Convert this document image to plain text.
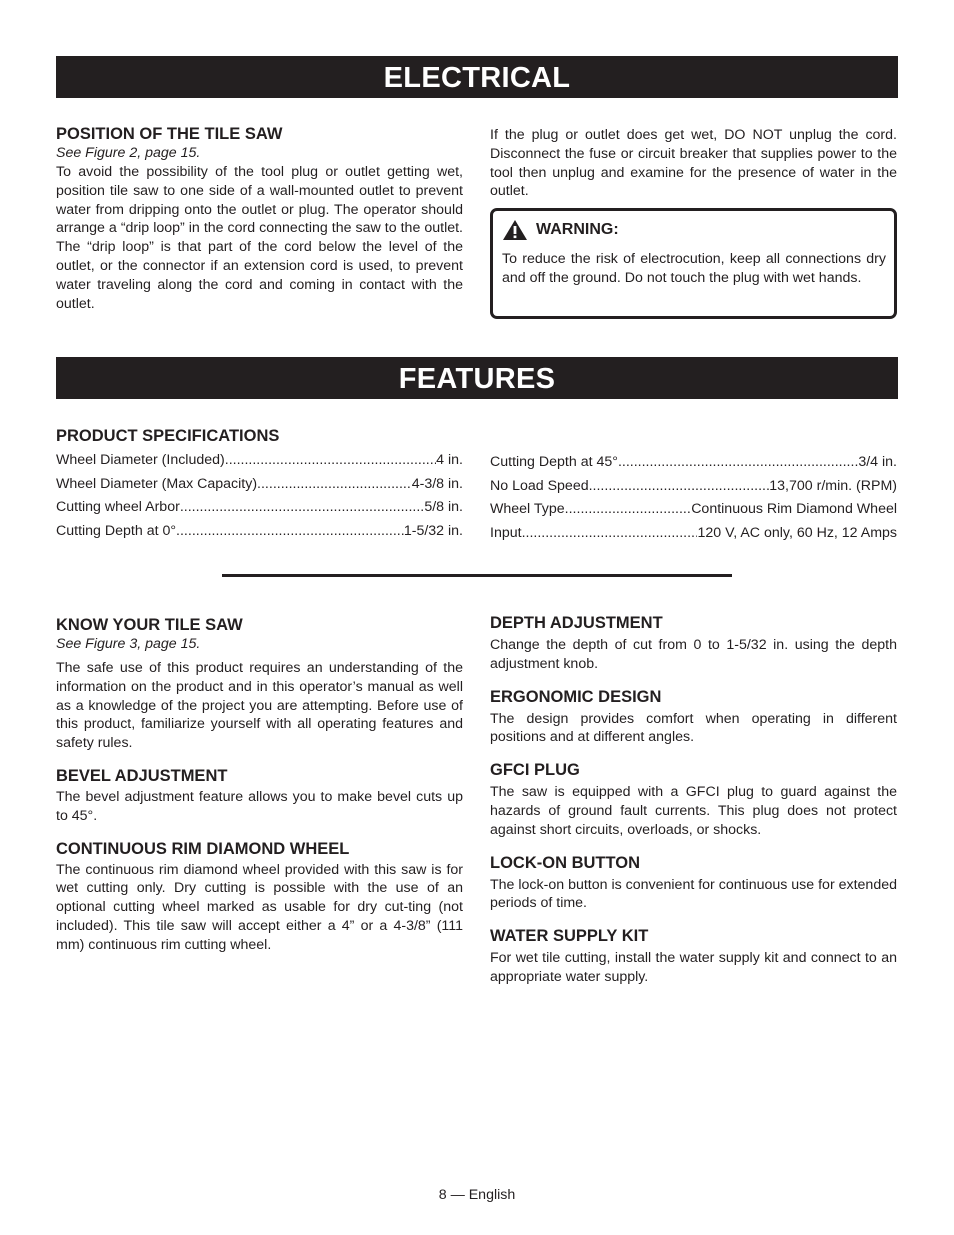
ELECTRICAL

POSITION OF THE TILE SAW

See Figure 2, page 15.

To avoid the possibility of the tool plug or outlet getting wet, position tile saw to one side of a wall-mounted outlet to prevent water from dripping onto the outlet or plug. The operator should arrange a “drip loop” in the cord connecting the saw to the outlet. The “drip loop” is that part of the cord below the level of the outlet, or the connector if an extension cord is used, to prevent water traveling along the cord and coming in contact with the outlet.

If the plug or outlet does get wet, DO NOT unplug the cord. Disconnect the fuse or circuit breaker that supplies power to the tool then unplug and examine for the presence of water in the outlet.

WARNING:

To reduce the risk of electrocution, keep all connections dry and off the ground. Do not touch the plug with wet hands.

FEATURES

PRODUCT SPECIFICATIONS

Wheel Diameter (Included) .....	4 in.
Wheel Diameter (Max Capacity) .....	4-3/8 in.
Cutting wheel Arbor .....	5/8 in.
Cutting Depth at 0° .....	1-5/32 in.
Cutting Depth at 45° .....	3/4 in.
No Load Speed .....	13,700 r/min. (RPM)
Wheel Type .....	Continuous Rim Diamond Wheel
Input .....	120 V, AC only, 60 Hz, 12 Amps

KNOW YOUR TILE SAW

See Figure 3, page 15.

The safe use of this product requires an understanding of the information on the product and in this operator’s manual as well as a knowledge of the project you are attempting. Before use of this product, familiarize yourself with all operating features and safety rules.

BEVEL ADJUSTMENT

The bevel adjustment feature allows you to make bevel cuts up to 45°.

CONTINUOUS RIM DIAMOND WHEEL

The continuous rim diamond wheel provided with this saw is for wet cutting only. Dry cutting is possible with the use of an optional cutting wheel marked as usable for dry cut-ting (not included). This tile saw will accept either a 4” or a 4-3/8” (111 mm) continuous rim cutting wheel.

DEPTH ADJUSTMENT

Change the depth of cut from 0 to 1-5/32 in. using the depth adjustment knob.

ERGONOMIC DESIGN

The design provides comfort when operating in different positions and at different angles.

GFCI PLUG

The saw is equipped with a GFCI plug to guard against the hazards of ground fault currents. This plug does not protect against short circuits, overloads, or shocks.

LOCK-ON BUTTON

The lock-on button is convenient for continuous use for extended periods of time.

WATER SUPPLY KIT

For wet tile cutting, install the water supply kit and connect to an appropriate water supply.

8 — English
